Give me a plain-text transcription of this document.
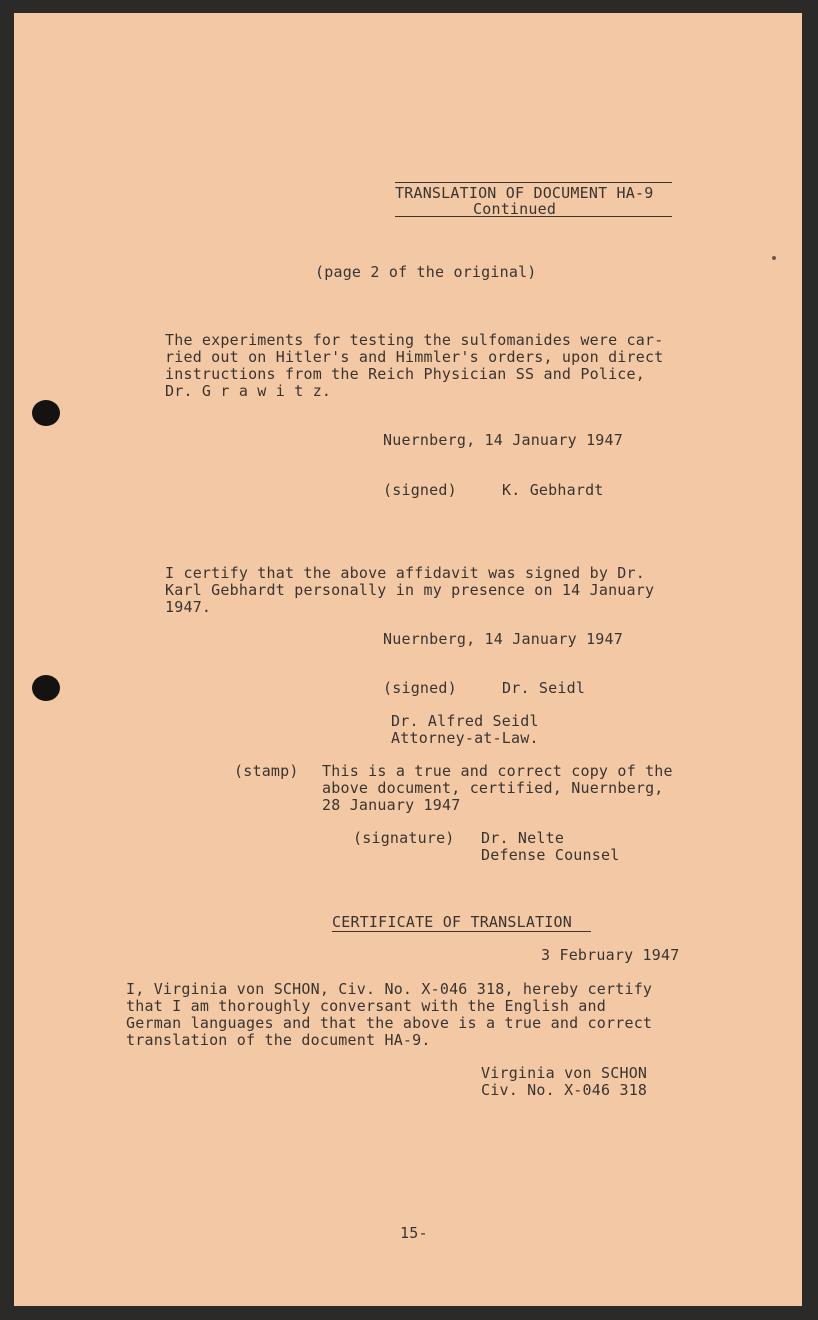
TRANSLATION OF DOCUMENT HA-9
Continued
(page 2 of the original)
The experiments for testing the sulfomanides were car-
ried out on Hitler's and Himmler's orders, upon direct
instructions from the Reich Physician SS and Police,
Dr. G r a w i t z.
Nuernberg, 14 January 1947
(signed)	K. Gebhardt
I certify that the above affidavit was signed by Dr.
Karl Gebhardt personally in my presence on 14 January
1947.
Nuernberg, 14 January 1947
(signed)	Dr. Seidl
Dr. Alfred Seidl
Attorney-at-Law.
(stamp) This is a true and correct copy of the
above document, certified, Nuernberg,
28 January 1947
(signature) Dr. Nelte
Defense Counsel
CERTIFICATE OF TRANSLATION
3 February 1947
I, Virginia von SCHON, Civ. No. X-046 318, hereby certify
that I am thoroughly conversant with the English and
German languages and that the above is a true and correct
translation of the document HA-9.
Virginia von SCHON
Civ. No. X-046 318
15-
